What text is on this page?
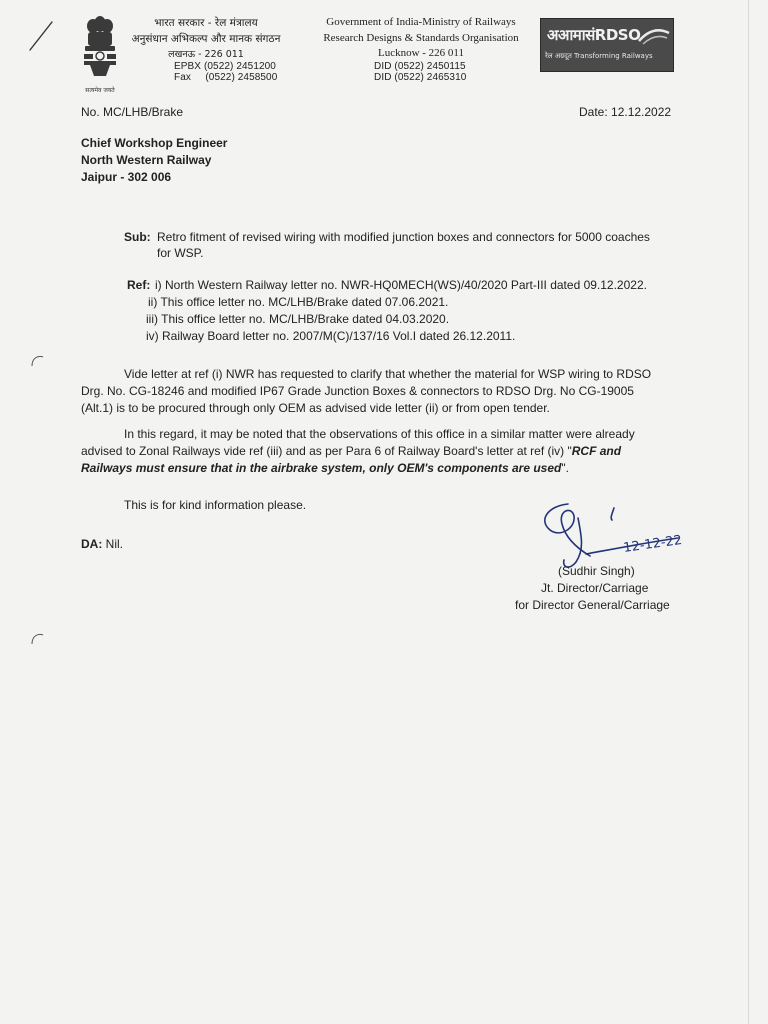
सत्यमेव जयते
भारत सरकार - रेल मंत्रालय
अनुसंधान अभिकल्प और मानक संगठन
लखनऊ - 226 011
EPBX (0522) 2451200
Fax     (0522) 2458500
Government of India-Ministry of Railways
Research Designs & Standards Organisation
Lucknow - 226 011
DID (0522) 2450115
DID (0522) 2465310
अआमासंRDSO
रेल अग्रदूत Transforming Railways
No. MC/LHB/Brake	Date: 12.12.2022
Chief Workshop Engineer
North Western Railway
Jaipur - 302 006
Sub: Retro fitment of revised wiring with modified junction boxes and connectors for 5000 coaches
for WSP.
Ref: i) North Western Railway letter no. NWR-HQ0MECH(WS)/40/2020 Part-III dated 09.12.2022.
ii) This office letter no. MC/LHB/Brake dated 07.06.2021.
iii) This office letter no. MC/LHB/Brake dated 04.03.2020.
iv) Railway Board letter no. 2007/M(C)/137/16 Vol.I dated 26.12.2011.
Vide letter at ref (i) NWR has requested to clarify that whether the material for WSP wiring to RDSO
Drg. No. CG-18246 and modified IP67 Grade Junction Boxes & connectors to RDSO Drg. No CG-19005
(Alt.1) is to be procured through only OEM as advised vide letter (ii) or from open tender.
In this regard, it may be noted that the observations of this office in a similar matter were already
advised to Zonal Railways vide ref (iii) and as per Para 6 of Railway Board's letter at ref (iv) "RCF and
Railways must ensure that in the airbrake system, only OEM's components are used".
This is for kind information please.
DA: Nil.	12-12-22
(Sudhir Singh)
Jt. Director/Carriage
for Director General/Carriage
